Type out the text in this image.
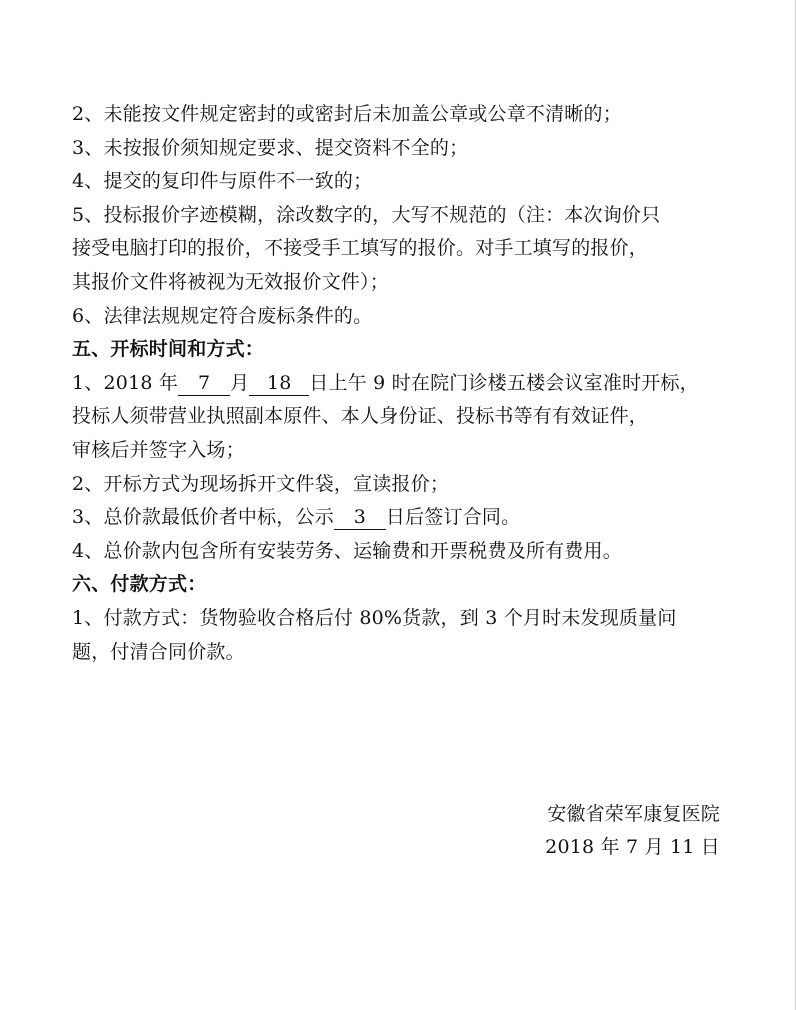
2、未能按文件规定密封的或密封后未加盖公章或公章不清晰的；
3、未按报价须知规定要求、提交资料不全的；
4、提交的复印件与原件不一致的；
5、投标报价字迹模糊，涂改数字的，大写不规范的（注：本次询价只
接受电脑打印的报价，不接受手工填写的报价。对手工填写的报价，
其报价文件将被视为无效报价文件）；
6、法律法规规定符合废标条件的。
五、开标时间和方式：
1、2018 年 7 月 18 日上午 9 时在院门诊楼五楼会议室准时开标，
投标人须带营业执照副本原件、本人身份证、投标书等有有效证件，
审核后并签字入场；
2、开标方式为现场拆开文件袋，宣读报价；
3、总价款最低价者中标，公示 3 日后签订合同。
4、总价款内包含所有安装劳务、运输费和开票税费及所有费用。
六、付款方式：
1、付款方式：货物验收合格后付 80%货款，到 3 个月时未发现质量问
题，付清合同价款。
安徽省荣军康复医院
2018 年 7 月 11 日
